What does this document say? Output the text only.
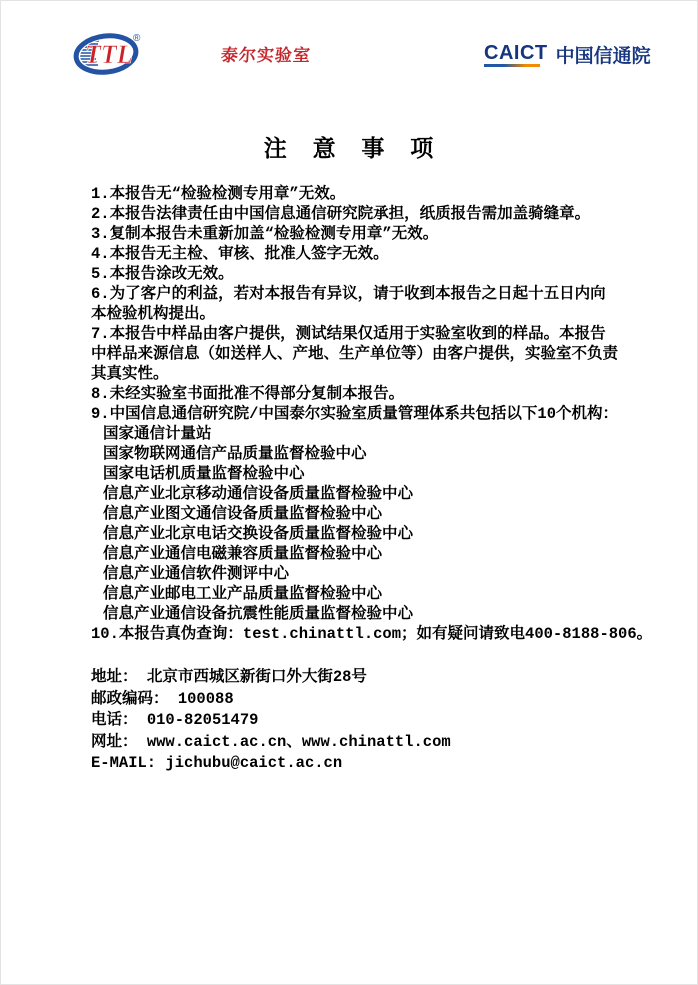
TTL
®
泰尔实验室	CAICT 中国信通院
注 意 事 项
1.本报告无“检验检测专用章”无效。
2.本报告法律责任由中国信息通信研究院承担，纸质报告需加盖骑缝章。
3.复制本报告未重新加盖“检验检测专用章”无效。
4.本报告无主检、审核、批准人签字无效。
5.本报告涂改无效。
6.为了客户的利益，若对本报告有异议，请于收到本报告之日起十五日内向
本检验机构提出。
7.本报告中样品由客户提供，测试结果仅适用于实验室收到的样品。本报告
中样品来源信息（如送样人、产地、生产单位等）由客户提供，实验室不负责
其真实性。
8.未经实验室书面批准不得部分复制本报告。
9.中国信息通信研究院/中国泰尔实验室质量管理体系共包括以下10个机构：
国家通信计量站
国家物联网通信产品质量监督检验中心
国家电话机质量监督检验中心
信息产业北京移动通信设备质量监督检验中心
信息产业图文通信设备质量监督检验中心
信息产业北京电话交换设备质量监督检验中心
信息产业通信电磁兼容质量监督检验中心
信息产业通信软件测评中心
信息产业邮电工业产品质量监督检验中心
信息产业通信设备抗震性能质量监督检验中心
10.本报告真伪查询：test.chinattl.com；如有疑问请致电400-8188-806。
地址： 北京市西城区新街口外大街28号
邮政编码： 100088
电话： 010-82051479
网址： www.caict.ac.cn、www.chinattl.com
E-MAIL: jichubu@caict.ac.cn
